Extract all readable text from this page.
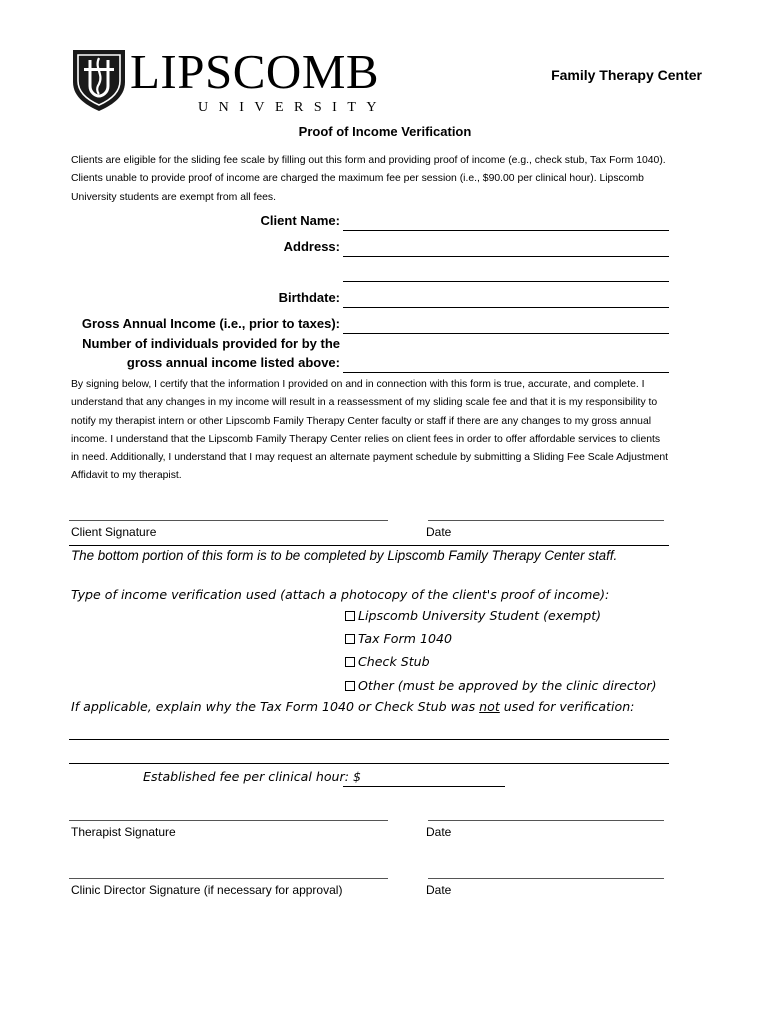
LIPSCOMB
UNIVERSITY
Family Therapy Center
Proof of Income Verification

Clients are eligible for the sliding fee scale by filling out this form and providing proof of income (e.g., check stub, Tax Form 1040). Clients unable to provide proof of income are charged the maximum fee per session (i.e., $90.00 per clinical hour). Lipscomb University students are exempt from all fees.

Client Name:
Address:
Birthdate:
Gross Annual Income (i.e., prior to taxes):
Number of individuals provided for by the
gross annual income listed above:

By signing below, I certify that the information I provided on and in connection with this form is true, accurate, and complete. I understand that any changes in my income will result in a reassessment of my sliding scale fee and that it is my responsibility to notify my therapist intern or other Lipscomb Family Therapy Center faculty or staff if there are any changes to my gross annual income. I understand that the Lipscomb Family Therapy Center relies on client fees in order to offer affordable services to clients in need. Additionally, I understand that I may request an alternate payment schedule by submitting a Sliding Fee Scale Adjustment Affidavit to my therapist.

Client Signature	Date
The bottom portion of this form is to be completed by Lipscomb Family Therapy Center staff.
Type of income verification used (attach a photocopy of the client's proof of income):
Lipscomb University Student (exempt)
Tax Form 1040
Check Stub
Other (must be approved by the clinic director)
If applicable, explain why the Tax Form 1040 or Check Stub was not used for verification:
Established fee per clinical hour: $
Therapist Signature	Date
Clinic Director Signature (if necessary for approval)	Date
